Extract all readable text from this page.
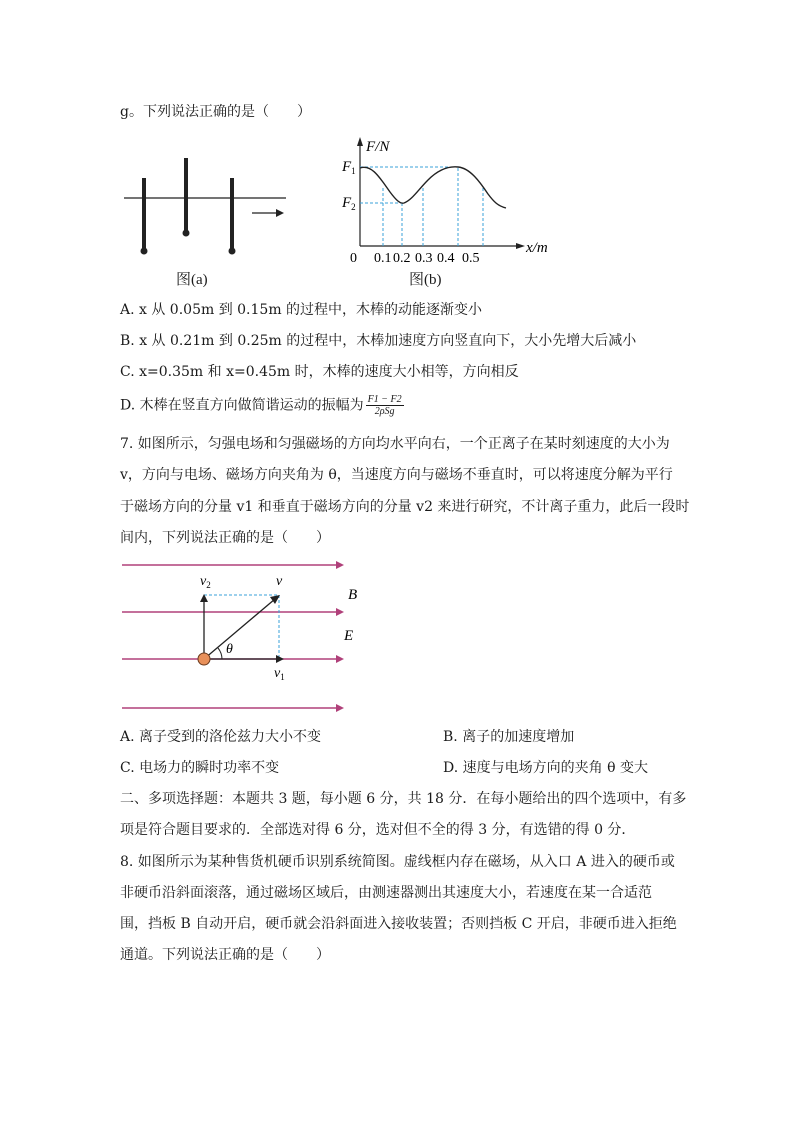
g。下列说法正确的是（　　）
图(a)
F/N
x/m
$F_1$
$F_2$
0 0.1 0.2 0.3 0.4 0.5
图(b)
A. x 从 0.05m 到 0.15m 的过程中，木棒的动能逐渐变小
B. x 从 0.21m 到 0.25m 的过程中，木棒加速度方向竖直向下，大小先增大后减小
C. x=0.35m 和 x=0.45m 时，木棒的速度大小相等，方向相反
D. 木棒在竖直方向做简谐运动的振幅为 $\frac{F1 - F2}{\text{2ρSg}}$
7. 如图所示，匀强电场和匀强磁场的方向均水平向右，一个正离子在某时刻速度的大小为
v，方向与电场、磁场方向夹角为 θ，当速度方向与磁场不垂直时，可以将速度分解为平行
于磁场方向的分量 v1 和垂直于磁场方向的分量 v2 来进行研究，不计离子重力，此后一段时
间内，下列说法正确的是（　　）
$v_2$	v
θ
$v_1$
B
E
A. 离子受到的洛伦兹力大小不变	B. 离子的加速度增加
C. 电场力的瞬时功率不变	D. 速度与电场方向的夹角 θ 变大
二、多项选择题：本题共 3 题，每小题 6 分，共 18 分．在每小题给出的四个选项中，有多
项是符合题目要求的．全部选对得 6 分，选对但不全的得 3 分，有选错的得 0 分．
8. 如图所示为某种售货机硬币识别系统简图。虚线框内存在磁场，从入口 A 进入的硬币或
非硬币沿斜面滚落，通过磁场区域后，由测速器测出其速度大小，若速度在某一合适范
围，挡板 B 自动开启，硬币就会沿斜面进入接收装置；否则挡板 C 开启，非硬币进入拒绝
通道。下列说法正确的是（　　）
